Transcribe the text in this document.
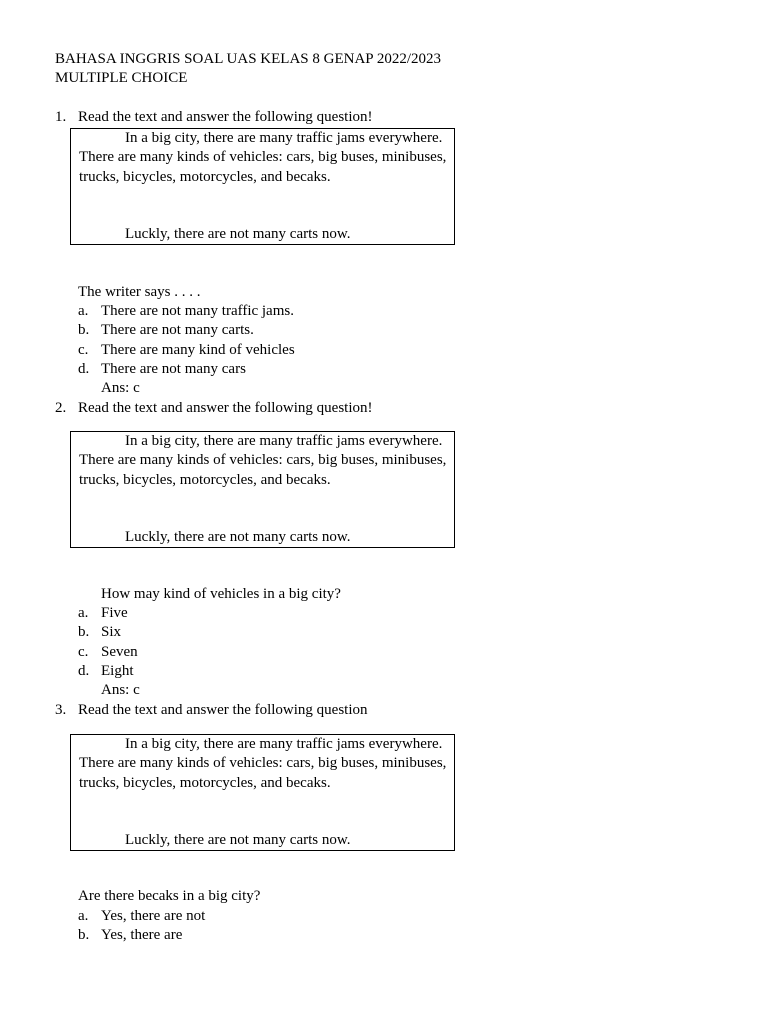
BAHASA INGGRIS SOAL UAS KELAS 8 GENAP 2022/2023
MULTIPLE CHOICE
1. Read the text and answer the following question!
In a big city, there are many traffic jams everywhere. There are many kinds of vehicles: cars, big buses, minibuses, trucks, bicycles, motorcycles, and becaks.
Luckly, there are not many carts now.
The writer says . . . .
a. There are not many traffic jams.
b. There are not many carts.
c. There are many kind of vehicles
d. There are not many cars
Ans: c
2. Read the text and answer the following question!
In a big city, there are many traffic jams everywhere. There are many kinds of vehicles: cars, big buses, minibuses, trucks, bicycles, motorcycles, and becaks.
Luckly, there are not many carts now.
How may kind of vehicles in a big city?
a. Five
b. Six
c. Seven
d. Eight
Ans: c
3. Read the text and answer the following question
In a big city, there are many traffic jams everywhere. There are many kinds of vehicles: cars, big buses, minibuses, trucks, bicycles, motorcycles, and becaks.
Luckly, there are not many carts now.
Are there becaks in a big city?
a. Yes, there are not
b. Yes, there are
